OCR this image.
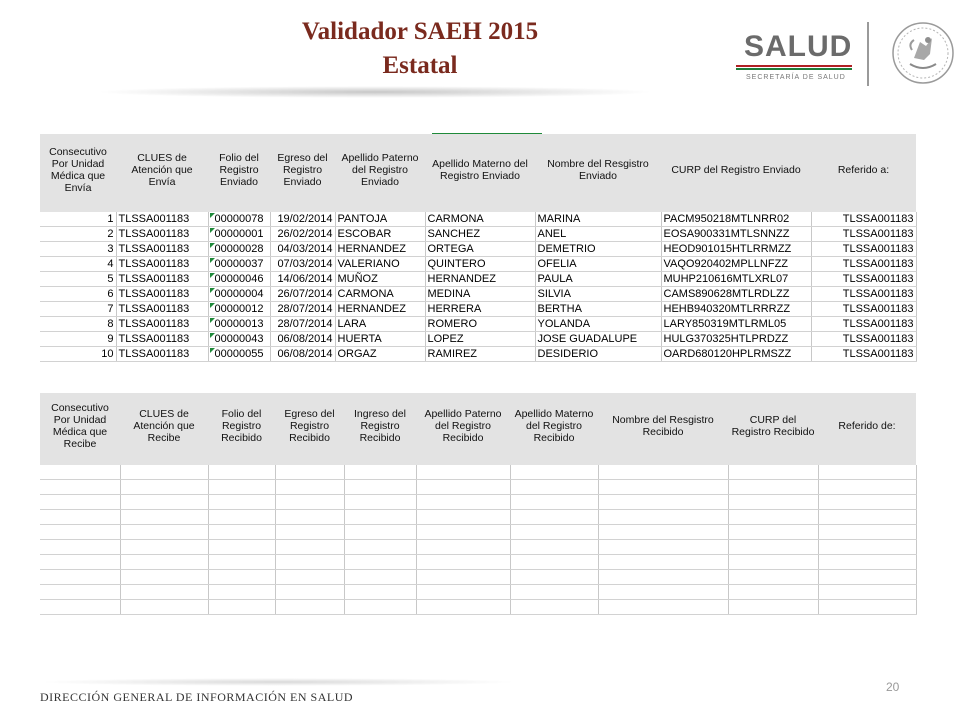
Validador SAEH 2015
Estatal
SALUD
SECRETARÍA DE SALUD
Consecutivo Por Unidad Médica que Envía	CLUES de Atención que Envía	Folio del Registro Enviado	Egreso del Registro Enviado	Apellido Paterno del Registro Enviado	Apellido Materno del Registro Enviado	Nombre del Resgistro Enviado	CURP del Registro Enviado	Referido a:

1	TLSSA001183	00000078	19/02/2014	PANTOJA	CARMONA	MARINA	PACM950218MTLNRR02	TLSSA001183
2	TLSSA001183	00000001	26/02/2014	ESCOBAR	SANCHEZ	ANEL	EOSA900331MTLSNNZZ	TLSSA001183
3	TLSSA001183	00000028	04/03/2014	HERNANDEZ	ORTEGA	DEMETRIO	HEOD901015HTLRRMZZ	TLSSA001183
4	TLSSA001183	00000037	07/03/2014	VALERIANO	QUINTERO	OFELIA	VAQO920402MPLLNFZZ	TLSSA001183
5	TLSSA001183	00000046	14/06/2014	MUÑOZ	HERNANDEZ	PAULA	MUHP210616MTLXRL07	TLSSA001183
6	TLSSA001183	00000004	26/07/2014	CARMONA	MEDINA	SILVIA	CAMS890628MTLRDLZZ	TLSSA001183
7	TLSSA001183	00000012	28/07/2014	HERNANDEZ	HERRERA	BERTHA	HEHB940320MTLRRRZZ	TLSSA001183
8	TLSSA001183	00000013	28/07/2014	LARA	ROMERO	YOLANDA	LARY850319MTLRML05	TLSSA001183
9	TLSSA001183	00000043	06/08/2014	HUERTA	LOPEZ	JOSE GUADALUPE	HULG370325HTLPRDZZ	TLSSA001183
10	TLSSA001183	00000055	06/08/2014	ORGAZ	RAMIREZ	DESIDERIO	OARD680120HPLRMSZZ	TLSSA001183
Consecutivo Por Unidad Médica que Recibe	CLUES de Atención que Recibe	Folio del Registro Recibido	Egreso del Registro Recibido	Ingreso del Registro Recibido	Apellido Paterno del Registro Recibido	Apellido Materno del Registro Recibido	Nombre del Resgistro Recibido	CURP del Registro Recibido	Referido de:

DIRECCIÓN GENERAL DE INFORMACIÓN EN SALUD
20
